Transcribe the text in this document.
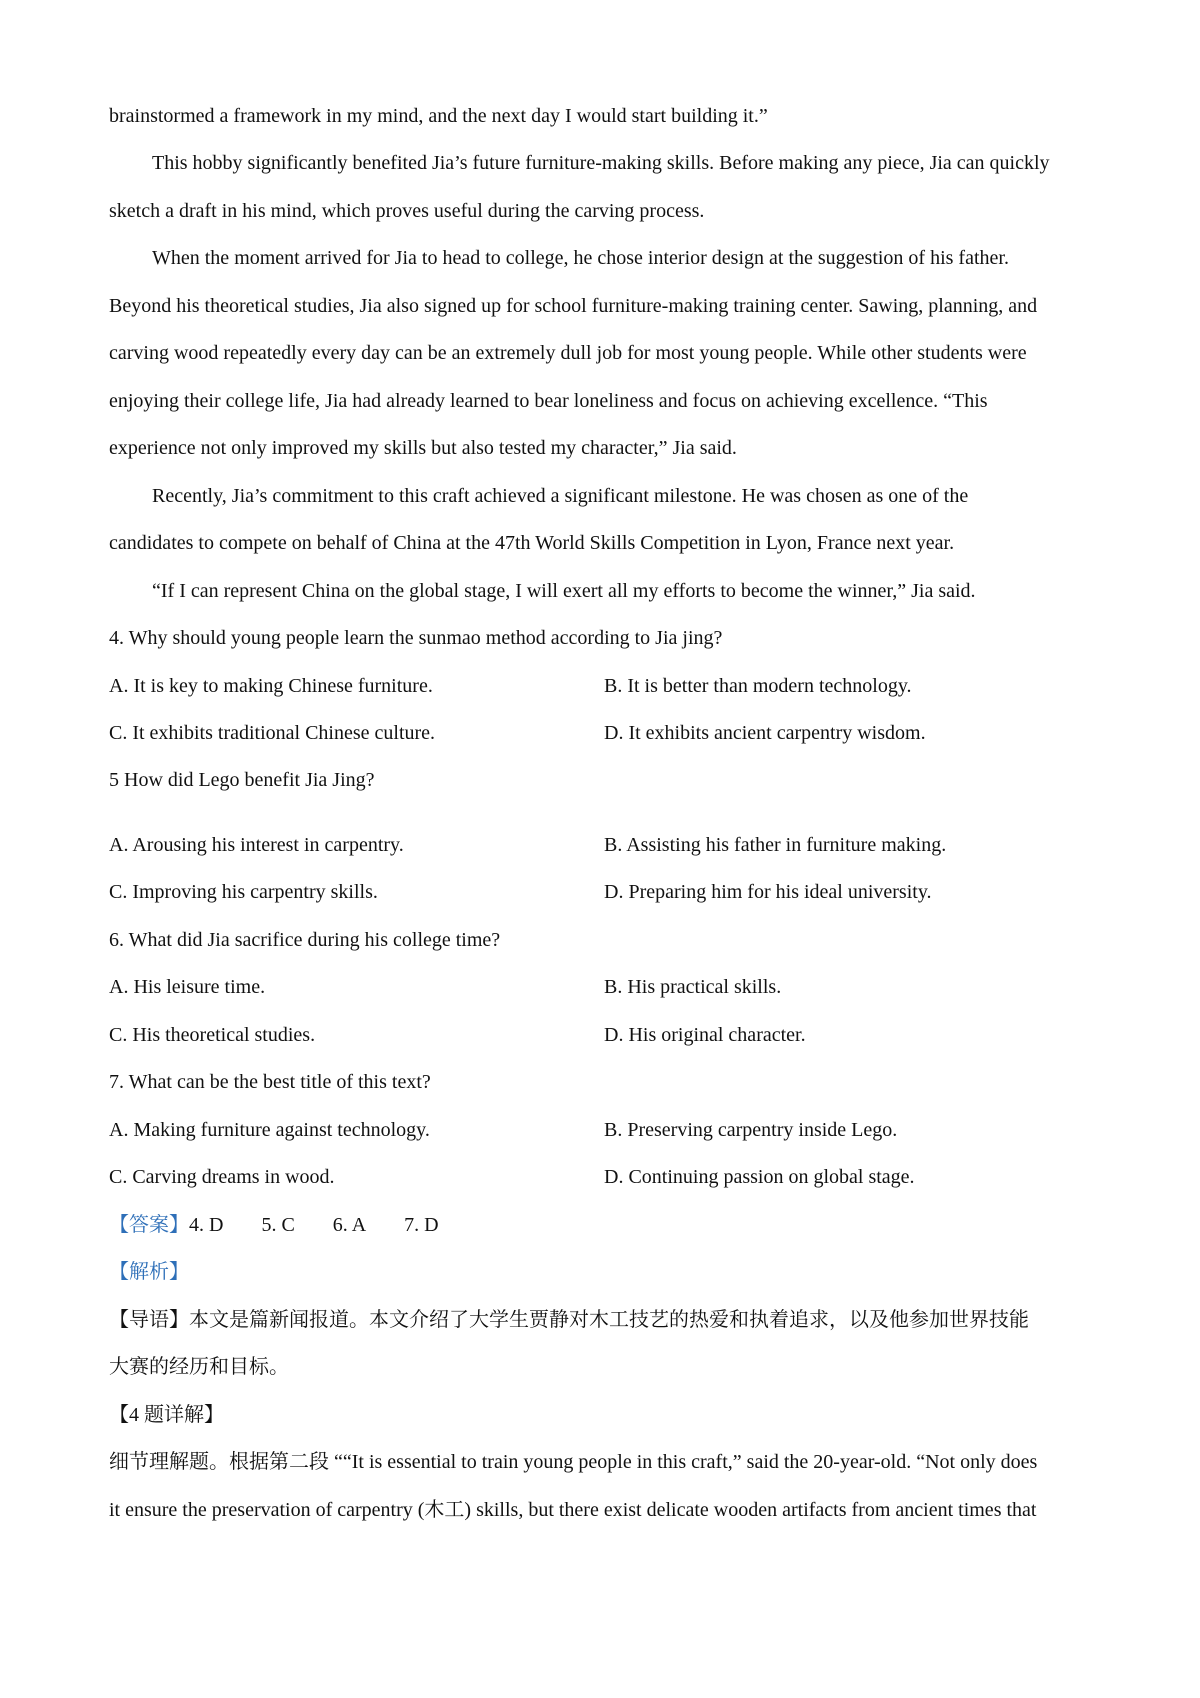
brainstormed a framework in my mind, and the next day I would start building it.”
This hobby significantly benefited Jia’s future furniture-making skills. Before making any piece, Jia can quickly
sketch a draft in his mind, which proves useful during the carving process.
When the moment arrived for Jia to head to college, he chose interior design at the suggestion of his father.
Beyond his theoretical studies, Jia also signed up for school furniture-making training center. Sawing, planning, and
carving wood repeatedly every day can be an extremely dull job for most young people. While other students were
enjoying their college life, Jia had already learned to bear loneliness and focus on achieving excellence. “This
experience not only improved my skills but also tested my character,” Jia said.
Recently, Jia’s commitment to this craft achieved a significant milestone. He was chosen as one of the
candidates to compete on behalf of China at the 47th World Skills Competition in Lyon, France next year.
“If I can represent China on the global stage, I will exert all my efforts to become the winner,” Jia said.
4. Why should young people learn the sunmao method according to Jia jing?
A. It is key to making Chinese furniture.	B. It is better than modern technology.
C. It exhibits traditional Chinese culture.	D. It exhibits ancient carpentry wisdom.
5 How did Lego benefit Jia Jing?
A. Arousing his interest in carpentry.	B. Assisting his father in furniture making.
C. Improving his carpentry skills.	D. Preparing him for his ideal university.
6. What did Jia sacrifice during his college time?
A. His leisure time.	B. His practical skills.
C. His theoretical studies.	D. His original character.
7. What can be the best title of this text?
A. Making furniture against technology.	B. Preserving carpentry inside Lego.
C. Carving dreams in wood.	D. Continuing passion on global stage.
【答案】4. D 5. C 6. A 7. D
【解析】
【导语】本文是篇新闻报道。本文介绍了大学生贾静对木工技艺的热爱和执着追求，以及他参加世界技能
大赛的经历和目标。
【4 题详解】
细节理解题。根据第二段 ““It is essential to train young people in this craft,” said the 20-year-old. “Not only does
it ensure the preservation of carpentry (木工) skills, but there exist delicate wooden artifacts from ancient times that
